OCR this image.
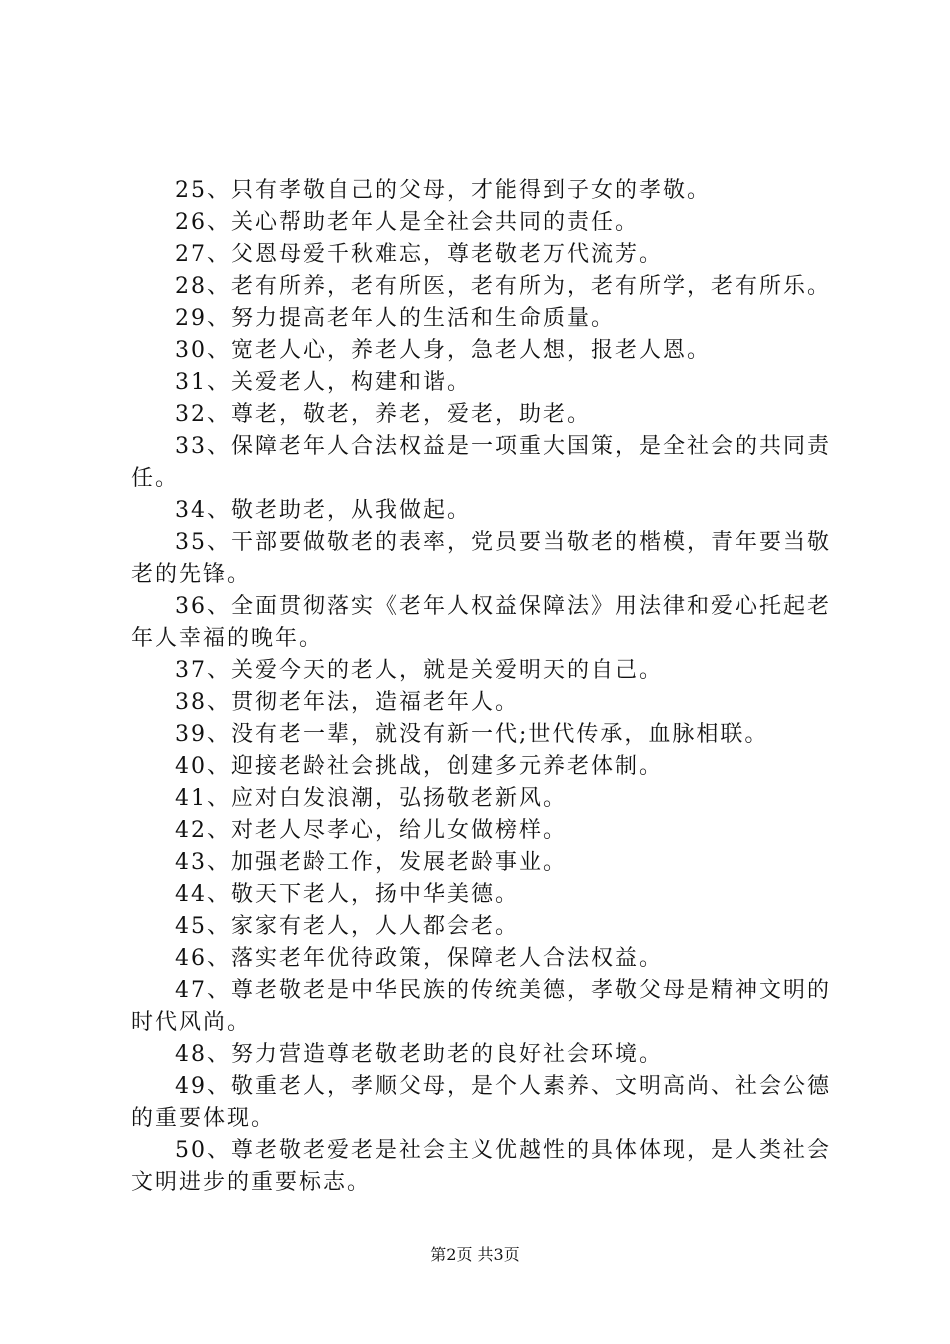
25、只有孝敬自己的父母，才能得到子女的孝敬。

26、关心帮助老年人是全社会共同的责任。

27、父恩母爱千秋难忘，尊老敬老万代流芳。

28、老有所养，老有所医，老有所为，老有所学，老有所乐。

29、努力提高老年人的生活和生命质量。

30、宽老人心，养老人身，急老人想，报老人恩。

31、关爱老人，构建和谐。

32、尊老，敬老，养老，爱老，助老。

33、保障老年人合法权益是一项重大国策，是全社会的共同责任。

34、敬老助老，从我做起。

35、干部要做敬老的表率，党员要当敬老的楷模，青年要当敬老的先锋。

36、全面贯彻落实《老年人权益保障法》用法律和爱心托起老年人幸福的晚年。

37、关爱今天的老人，就是关爱明天的自己。

38、贯彻老年法，造福老年人。

39、没有老一辈，就没有新一代;世代传承，血脉相联。

40、迎接老龄社会挑战，创建多元养老体制。

41、应对白发浪潮，弘扬敬老新风。

42、对老人尽孝心，给儿女做榜样。

43、加强老龄工作，发展老龄事业。

44、敬天下老人，扬中华美德。

45、家家有老人，人人都会老。

46、落实老年优待政策，保障老人合法权益。

47、尊老敬老是中华民族的传统美德，孝敬父母是精神文明的时代风尚。

48、努力营造尊老敬老助老的良好社会环境。

49、敬重老人，孝顺父母，是个人素养、文明高尚、社会公德的重要体现。

50、尊老敬老爱老是社会主义优越性的具体体现，是人类社会文明进步的重要标志。

第2页 共3页
